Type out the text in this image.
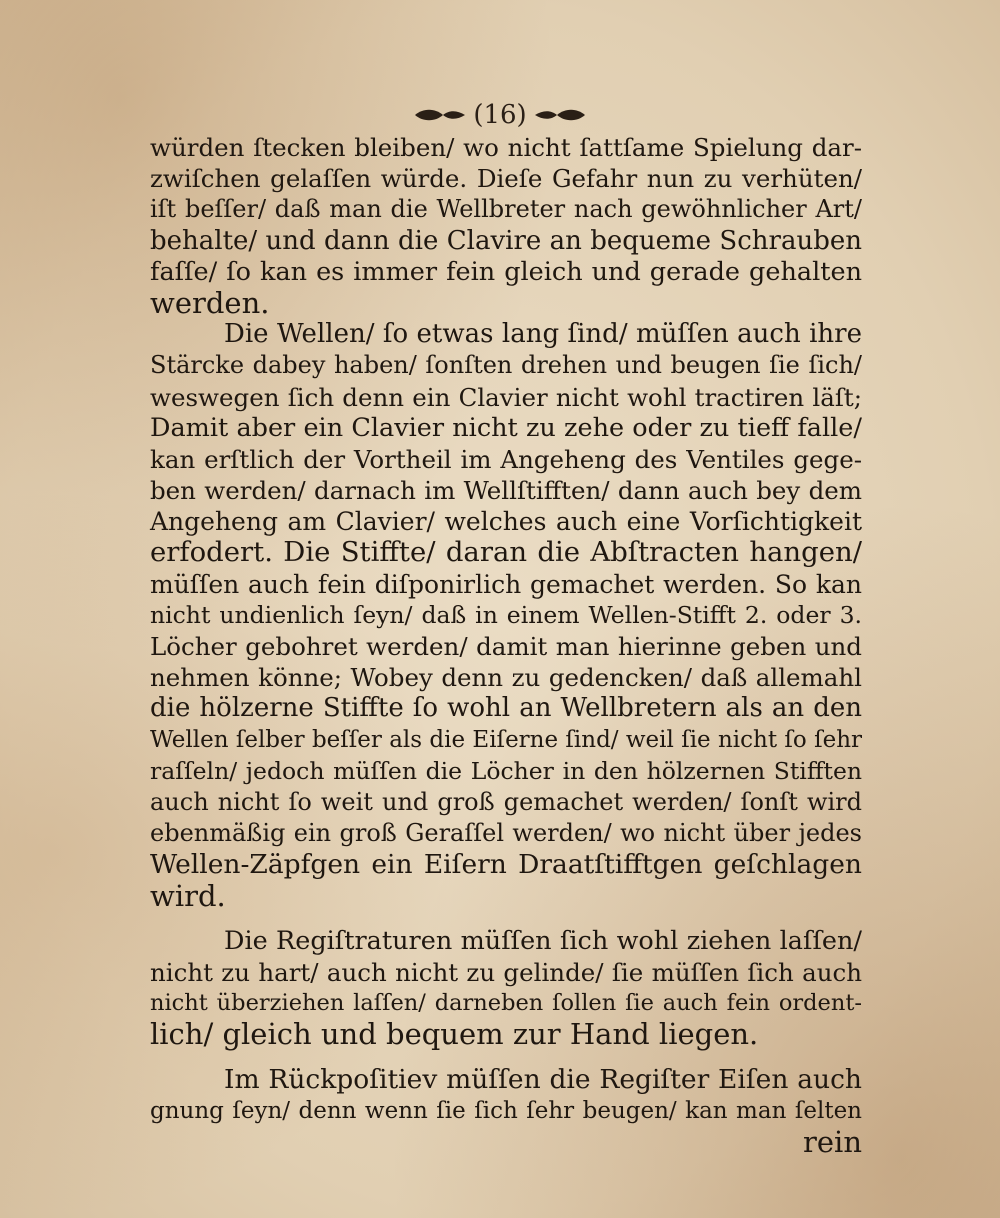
(16)
würden ſtecken bleiben/ wo nicht ſattſame Spielung dar-
zwiſchen gelaſſen würde. Dieſe Gefahr nun zu verhüten/
iſt beſſer/ daß man die Wellbreter nach gewöhnlicher Art/
behalte/ und dann die Clavire an bequeme Schrauben
faſſe/ ſo kan es immer fein gleich und gerade gehalten
werden.
Die Wellen/ ſo etwas lang ſind/ müſſen auch ihre
Stärcke dabey haben/ ſonſten drehen und beugen ſie ſich/
weswegen ſich denn ein Clavier nicht wohl tractiren läſt;
Damit aber ein Clavier nicht zu zehe oder zu tieff falle/
kan erſtlich der Vortheil im Angeheng des Ventiles gege-
ben werden/ darnach im Wellſtifften/ dann auch bey dem
Angeheng am Clavier/ welches auch eine Vorſichtigkeit
erfodert. Die Stiffte/ daran die Abſtracten hangen/
müſſen auch fein diſponirlich gemachet werden. So kan
nicht undienlich ſeyn/ daß in einem Wellen-Stifft 2. oder 3.
Löcher gebohret werden/ damit man hierinne geben und
nehmen könne; Wobey denn zu gedencken/ daß allemahl
die hölzerne Stiffte ſo wohl an Wellbretern als an den
Wellen ſelber beſſer als die Eiſerne ſind/ weil ſie nicht ſo ſehr
raſſeln/ jedoch müſſen die Löcher in den hölzernen Stifften
auch nicht ſo weit und groß gemachet werden/ ſonſt wird
ebenmäßig ein groß Geraſſel werden/ wo nicht über jedes
Wellen-Zäpfgen ein Eiſern Draatſtifftgen geſchlagen
wird.
Die Regiſtraturen müſſen ſich wohl ziehen laſſen/
nicht zu hart/ auch nicht zu gelinde/ ſie müſſen ſich auch
nicht überziehen laſſen/ darneben ſollen ſie auch fein ordent-
lich/ gleich und bequem zur Hand liegen.
Im Rückpoſitiev müſſen die Regiſter Eiſen auch
gnung ſeyn/ denn wenn ſie ſich ſehr beugen/ kan man ſelten
rein
